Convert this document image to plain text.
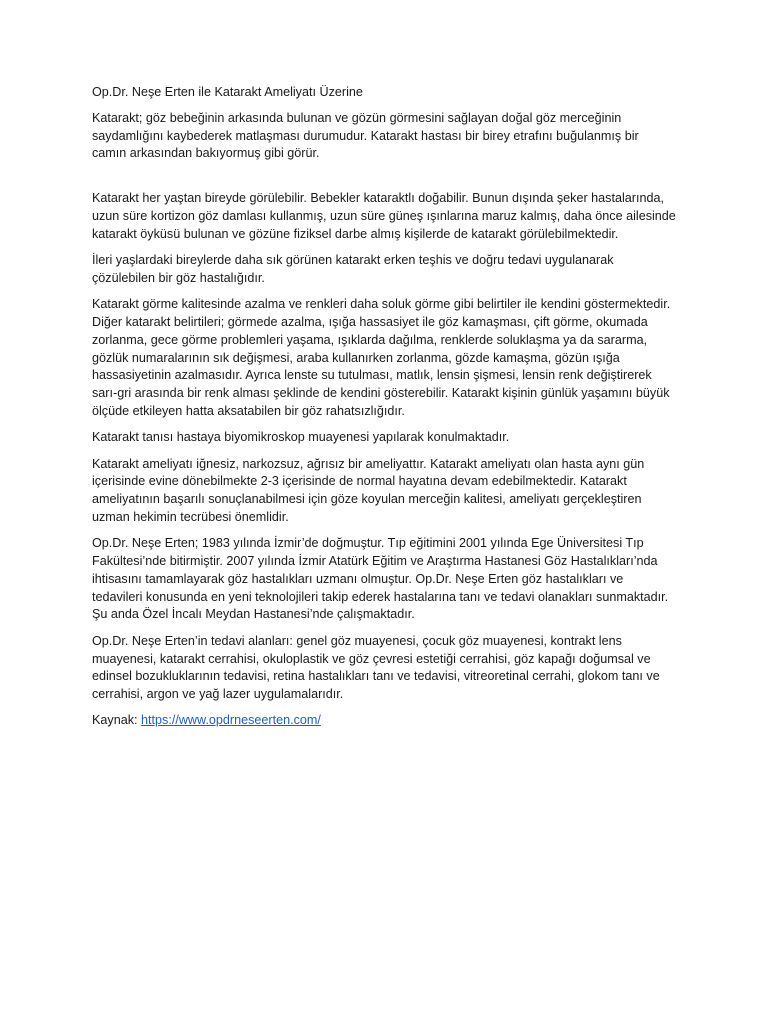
Op.Dr. Neşe Erten ile Katarakt Ameliyatı Üzerine

Katarakt; göz bebeğinin arkasında bulunan ve gözün görmesini sağlayan doğal göz merceğinin saydamlığını kaybederek matlaşması durumudur. Katarakt hastası bir birey etrafını buğulanmış bir camın arkasından bakıyormuş gibi görür.

Katarakt her yaştan bireyde görülebilir. Bebekler kataraktlı doğabilir. Bunun dışında şeker hastalarında, uzun süre kortizon göz damlası kullanmış, uzun süre güneş ışınlarına maruz kalmış, daha önce ailesinde katarakt öyküsü bulunan ve gözüne fiziksel darbe almış kişilerde de katarakt görülebilmektedir.

İleri yaşlardaki bireylerde daha sık görünen katarakt erken teşhis ve doğru tedavi uygulanarak çözülebilen bir göz hastalığıdır.

Katarakt görme kalitesinde azalma ve renkleri daha soluk görme gibi belirtiler ile kendini göstermektedir. Diğer katarakt belirtileri; görmede azalma, ışığa hassasiyet ile göz kamaşması, çift görme, okumada zorlanma, gece görme problemleri yaşama, ışıklarda dağılma, renklerde soluklaşma ya da sararma, gözlük numaralarının sık değişmesi, araba kullanırken zorlanma, gözde kamaşma, gözün ışığa hassasiyetinin azalmasıdır. Ayrıca lenste su tutulması, matlık, lensin şişmesi, lensin renk değiştirerek sarı-gri arasında bir renk alması şeklinde de kendini gösterebilir. Katarakt kişinin günlük yaşamını büyük ölçüde etkileyen hatta aksatabilen bir göz rahatsızlığıdır.

Katarakt tanısı hastaya biyomikroskop muayenesi yapılarak konulmaktadır.

Katarakt ameliyatı iğnesiz, narkozsuz, ağrısız bir ameliyattır. Katarakt ameliyatı olan hasta aynı gün içerisinde evine dönebilmekte 2-3 içerisinde de normal hayatına devam edebilmektedir. Katarakt ameliyatının başarılı sonuçlanabilmesi için göze koyulan merceğin kalitesi, ameliyatı gerçekleştiren uzman hekimin tecrübesi önemlidir.

Op.Dr. Neşe Erten; 1983 yılında İzmir’de doğmuştur. Tıp eğitimini 2001 yılında Ege Üniversitesi Tıp Fakültesi’nde bitirmiştir. 2007 yılında İzmir Atatürk Eğitim ve Araştırma Hastanesi Göz Hastalıkları’nda ihtisasını tamamlayarak göz hastalıkları uzmanı olmuştur. Op.Dr. Neşe Erten göz hastalıkları ve tedavileri konusunda en yeni teknolojileri takip ederek hastalarına tanı ve tedavi olanakları sunmaktadır. Şu anda Özel İncalı Meydan Hastanesi’nde çalışmaktadır.

Op.Dr. Neşe Erten’in tedavi alanları: genel göz muayenesi, çocuk göz muayenesi, kontrakt lens muayenesi, katarakt cerrahisi, okuloplastik ve göz çevresi estetiği cerrahisi, göz kapağı doğumsal ve edinsel bozukluklarının tedavisi, retina hastalıkları tanı ve tedavisi, vitreoretinal cerrahi, glokom tanı ve cerrahisi, argon ve yağ lazer uygulamalarıdır.

Kaynak: https://www.opdrneseerten.com/
